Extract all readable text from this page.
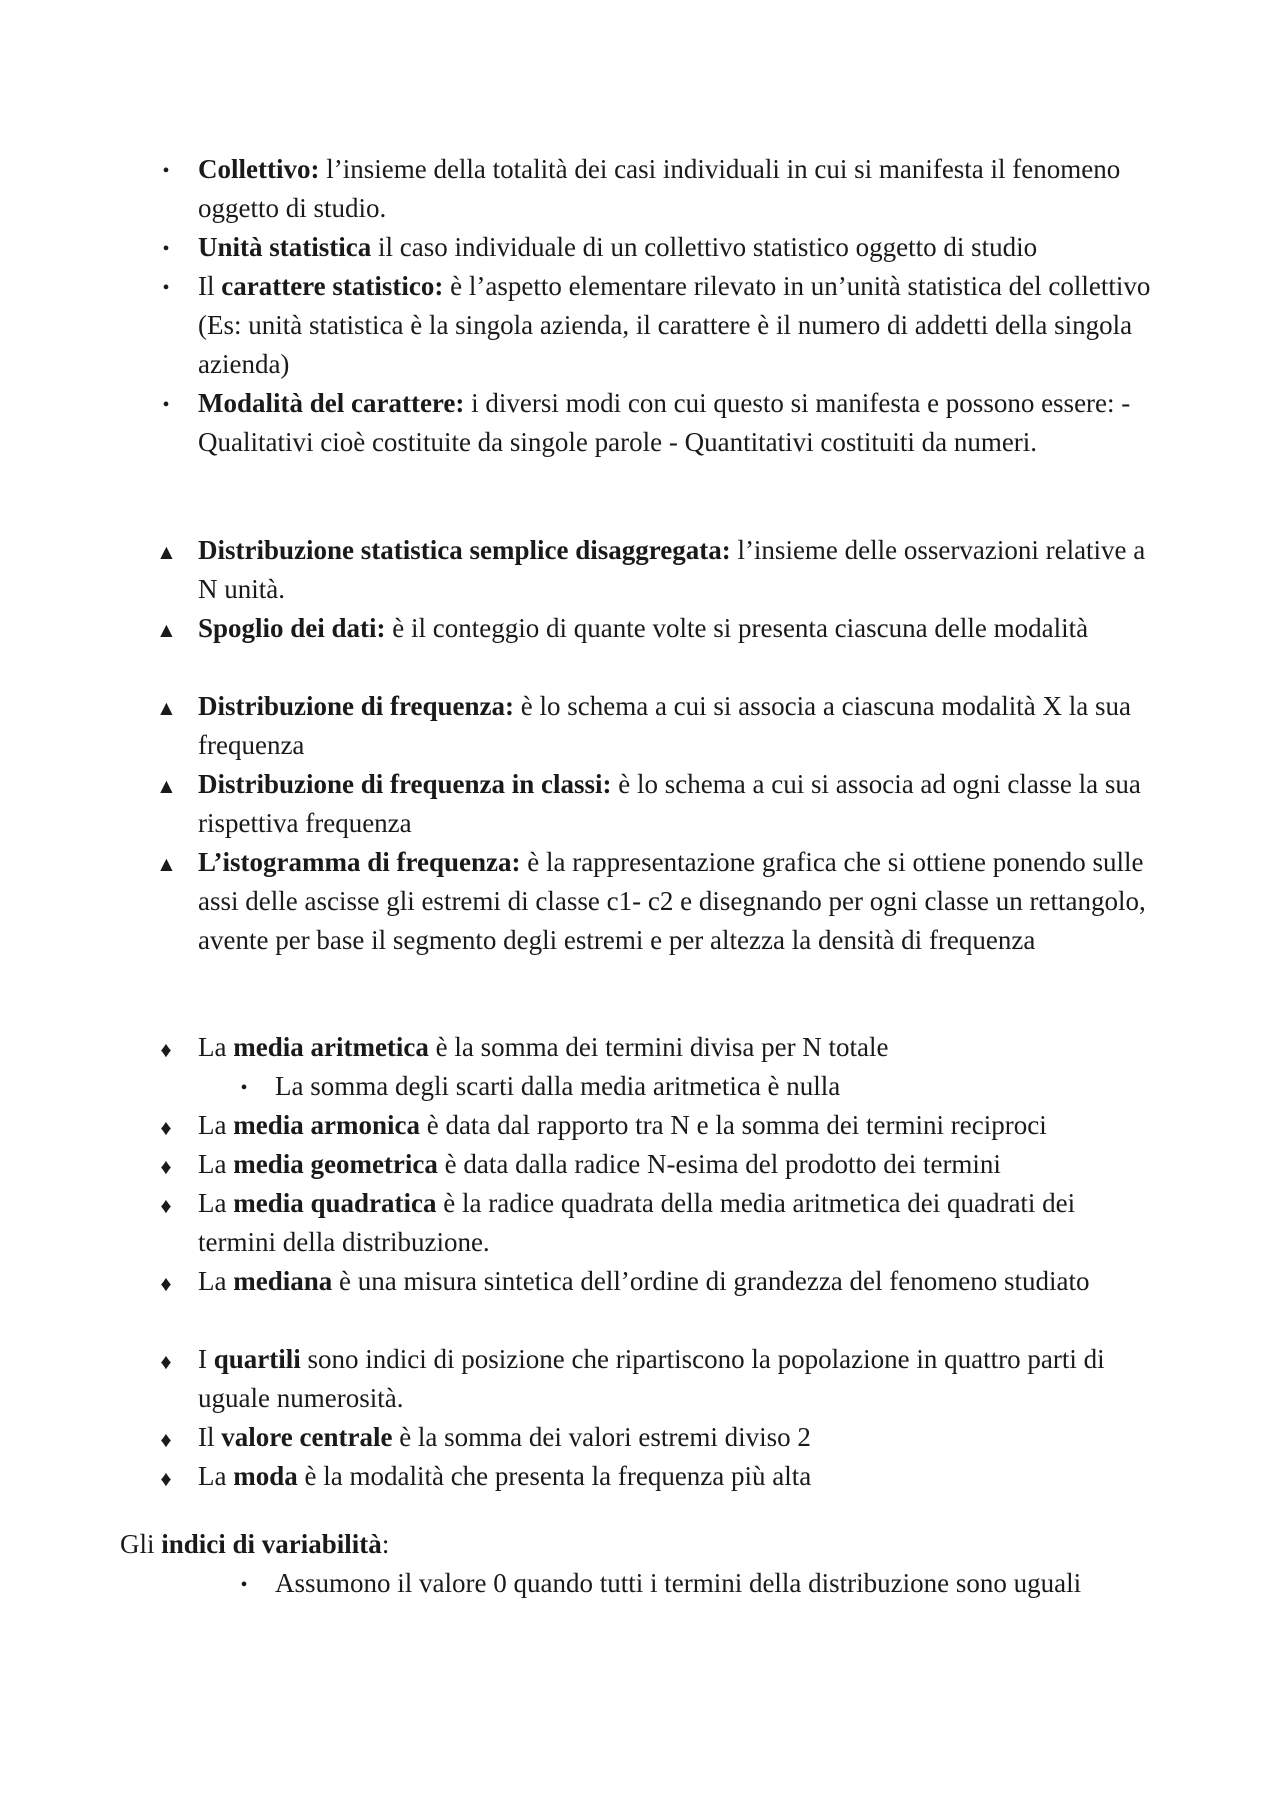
• Collettivo: l’insieme della totalità dei casi individuali in cui si manifesta il fenomeno oggetto di studio.
• Unità statistica il caso individuale di un collettivo statistico oggetto di studio
• Il carattere statistico: è l’aspetto elementare rilevato in un’unità statistica del collettivo (Es: unità statistica è la singola azienda, il carattere è il numero di addetti della singola azienda)
• Modalità del carattere: i diversi modi con cui questo si manifesta e possono essere: - Qualitativi cioè costituite da singole parole - Quantitativi costituiti da numeri.
▲ Distribuzione statistica semplice disaggregata: l’insieme delle osservazioni relative a N unità.
▲ Spoglio dei dati: è il conteggio di quante volte si presenta ciascuna delle modalità
▲ Distribuzione di frequenza: è lo schema a cui si associa a ciascuna modalità X la sua frequenza
▲ Distribuzione di frequenza in classi: è lo schema a cui si associa ad ogni classe la sua rispettiva frequenza
▲ L’istogramma di frequenza: è la rappresentazione grafica che si ottiene ponendo sulle assi delle ascisse gli estremi di classe c1- c2 e disegnando per ogni classe un rettangolo, avente per base il segmento degli estremi e per altezza la densità di frequenza
♦ La media aritmetica è la somma dei termini divisa per N totale
• La somma degli scarti dalla media aritmetica è nulla
♦ La media armonica è data dal rapporto tra N e la somma dei termini reciproci
♦ La media geometrica è data dalla radice N-esima del prodotto dei termini
♦ La media quadratica è la radice quadrata della media aritmetica dei quadrati dei termini della distribuzione.
♦ La mediana è una misura sintetica dell’ordine di grandezza del fenomeno studiato
♦ I quartili sono indici di posizione che ripartiscono la popolazione in quattro parti di uguale numerosità.
♦ Il valore centrale è la somma dei valori estremi diviso 2
♦ La moda è la modalità che presenta la frequenza più alta
Gli indici di variabilità:
• Assumono il valore 0 quando tutti i termini della distribuzione sono uguali
